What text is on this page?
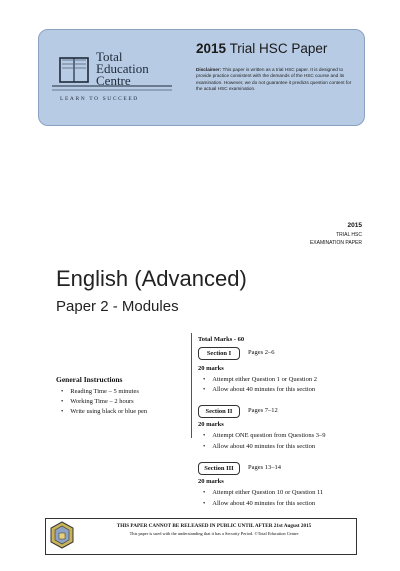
Total
Education
Centre
LEARN TO SUCCEED
2015 Trial HSC Paper
Disclaimer: This paper is written as a trial HSC paper. It is designed to provide practice consistent with the demands of the HSC course and its examination. However, we do not guarantee it predicts question content for the actual HSC examination.
2015
TRIAL HSC
EXAMINATION PAPER
English (Advanced)
Paper 2 - Modules
Total Marks - 60
Section I	Pages 2–6
20 marks
• Attempt either Question 1 or Question 2
• Allow about 40 minutes for this section
Section II	Pages 7–12
20 marks
• Attempt ONE question from Questions 3–9
• Allow about 40 minutes for this section
Section III	Pages 13–14
20 marks
• Attempt either Question 10 or Question 11
• Allow about 40 minutes for this section
General Instructions
• Reading Time – 5 minutes
• Working Time – 2 hours
• Write using black or blue pen
THIS PAPER CANNOT BE RELEASED IN PUBLIC UNTIL AFTER 21st August 2015
This paper is used with the understanding that it has a Security Period. ©Total Education Centre
